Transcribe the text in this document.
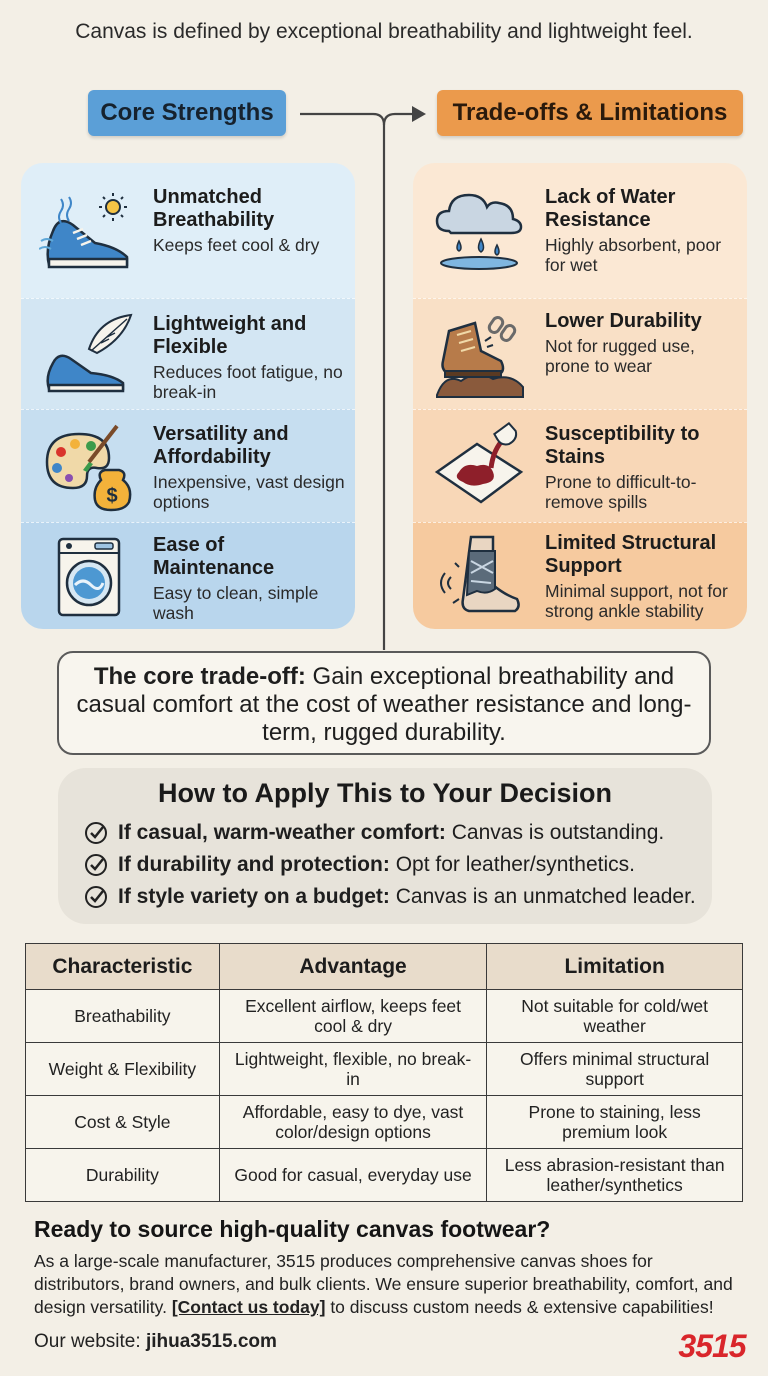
Canvas is defined by exceptional breathability and lightweight feel.
Core Strengths	Trade-offs & Limitations
Unmatched Breathability
Keeps feet cool & dry
Lightweight and Flexible
Reduces foot fatigue, no break-in
$
Versatility and Affordability
Inexpensive, vast design options
Ease of Maintenance
Easy to clean, simple wash
Lack of Water Resistance
Highly absorbent, poor for wet
Lower Durability
Not for rugged use, prone to wear
Susceptibility to Stains
Prone to difficult-to-remove spills
Limited Structural Support
Minimal support, not for strong ankle stability
The core trade-off: Gain exceptional breathability and casual comfort at the cost of weather resistance and long-term, rugged durability.
How to Apply This to Your Decision
If casual, warm-weather comfort: Canvas is outstanding.
If durability and protection: Opt for leather/synthetics.
If style variety on a budget: Canvas is an unmatched leader.
Characteristic	Advantage	Limitation
Breathability	Excellent airflow, keeps feet cool & dry	Not suitable for cold/wet weather
Weight & Flexibility	Lightweight, flexible, no break-in	Offers minimal structural support
Cost & Style	Affordable, easy to dye, vast color/design options	Prone to staining, less premium look
Durability	Good for casual, everyday use	Less abrasion-resistant than leather/synthetics
Ready to source high-quality canvas footwear?
As a large-scale manufacturer, 3515 produces comprehensive canvas shoes for distributors, brand owners, and bulk clients. We ensure superior breathability, comfort, and design versatility. [Contact us today] to discuss custom needs & extensive capabilities!
Our website: jihua3515.com	3515
